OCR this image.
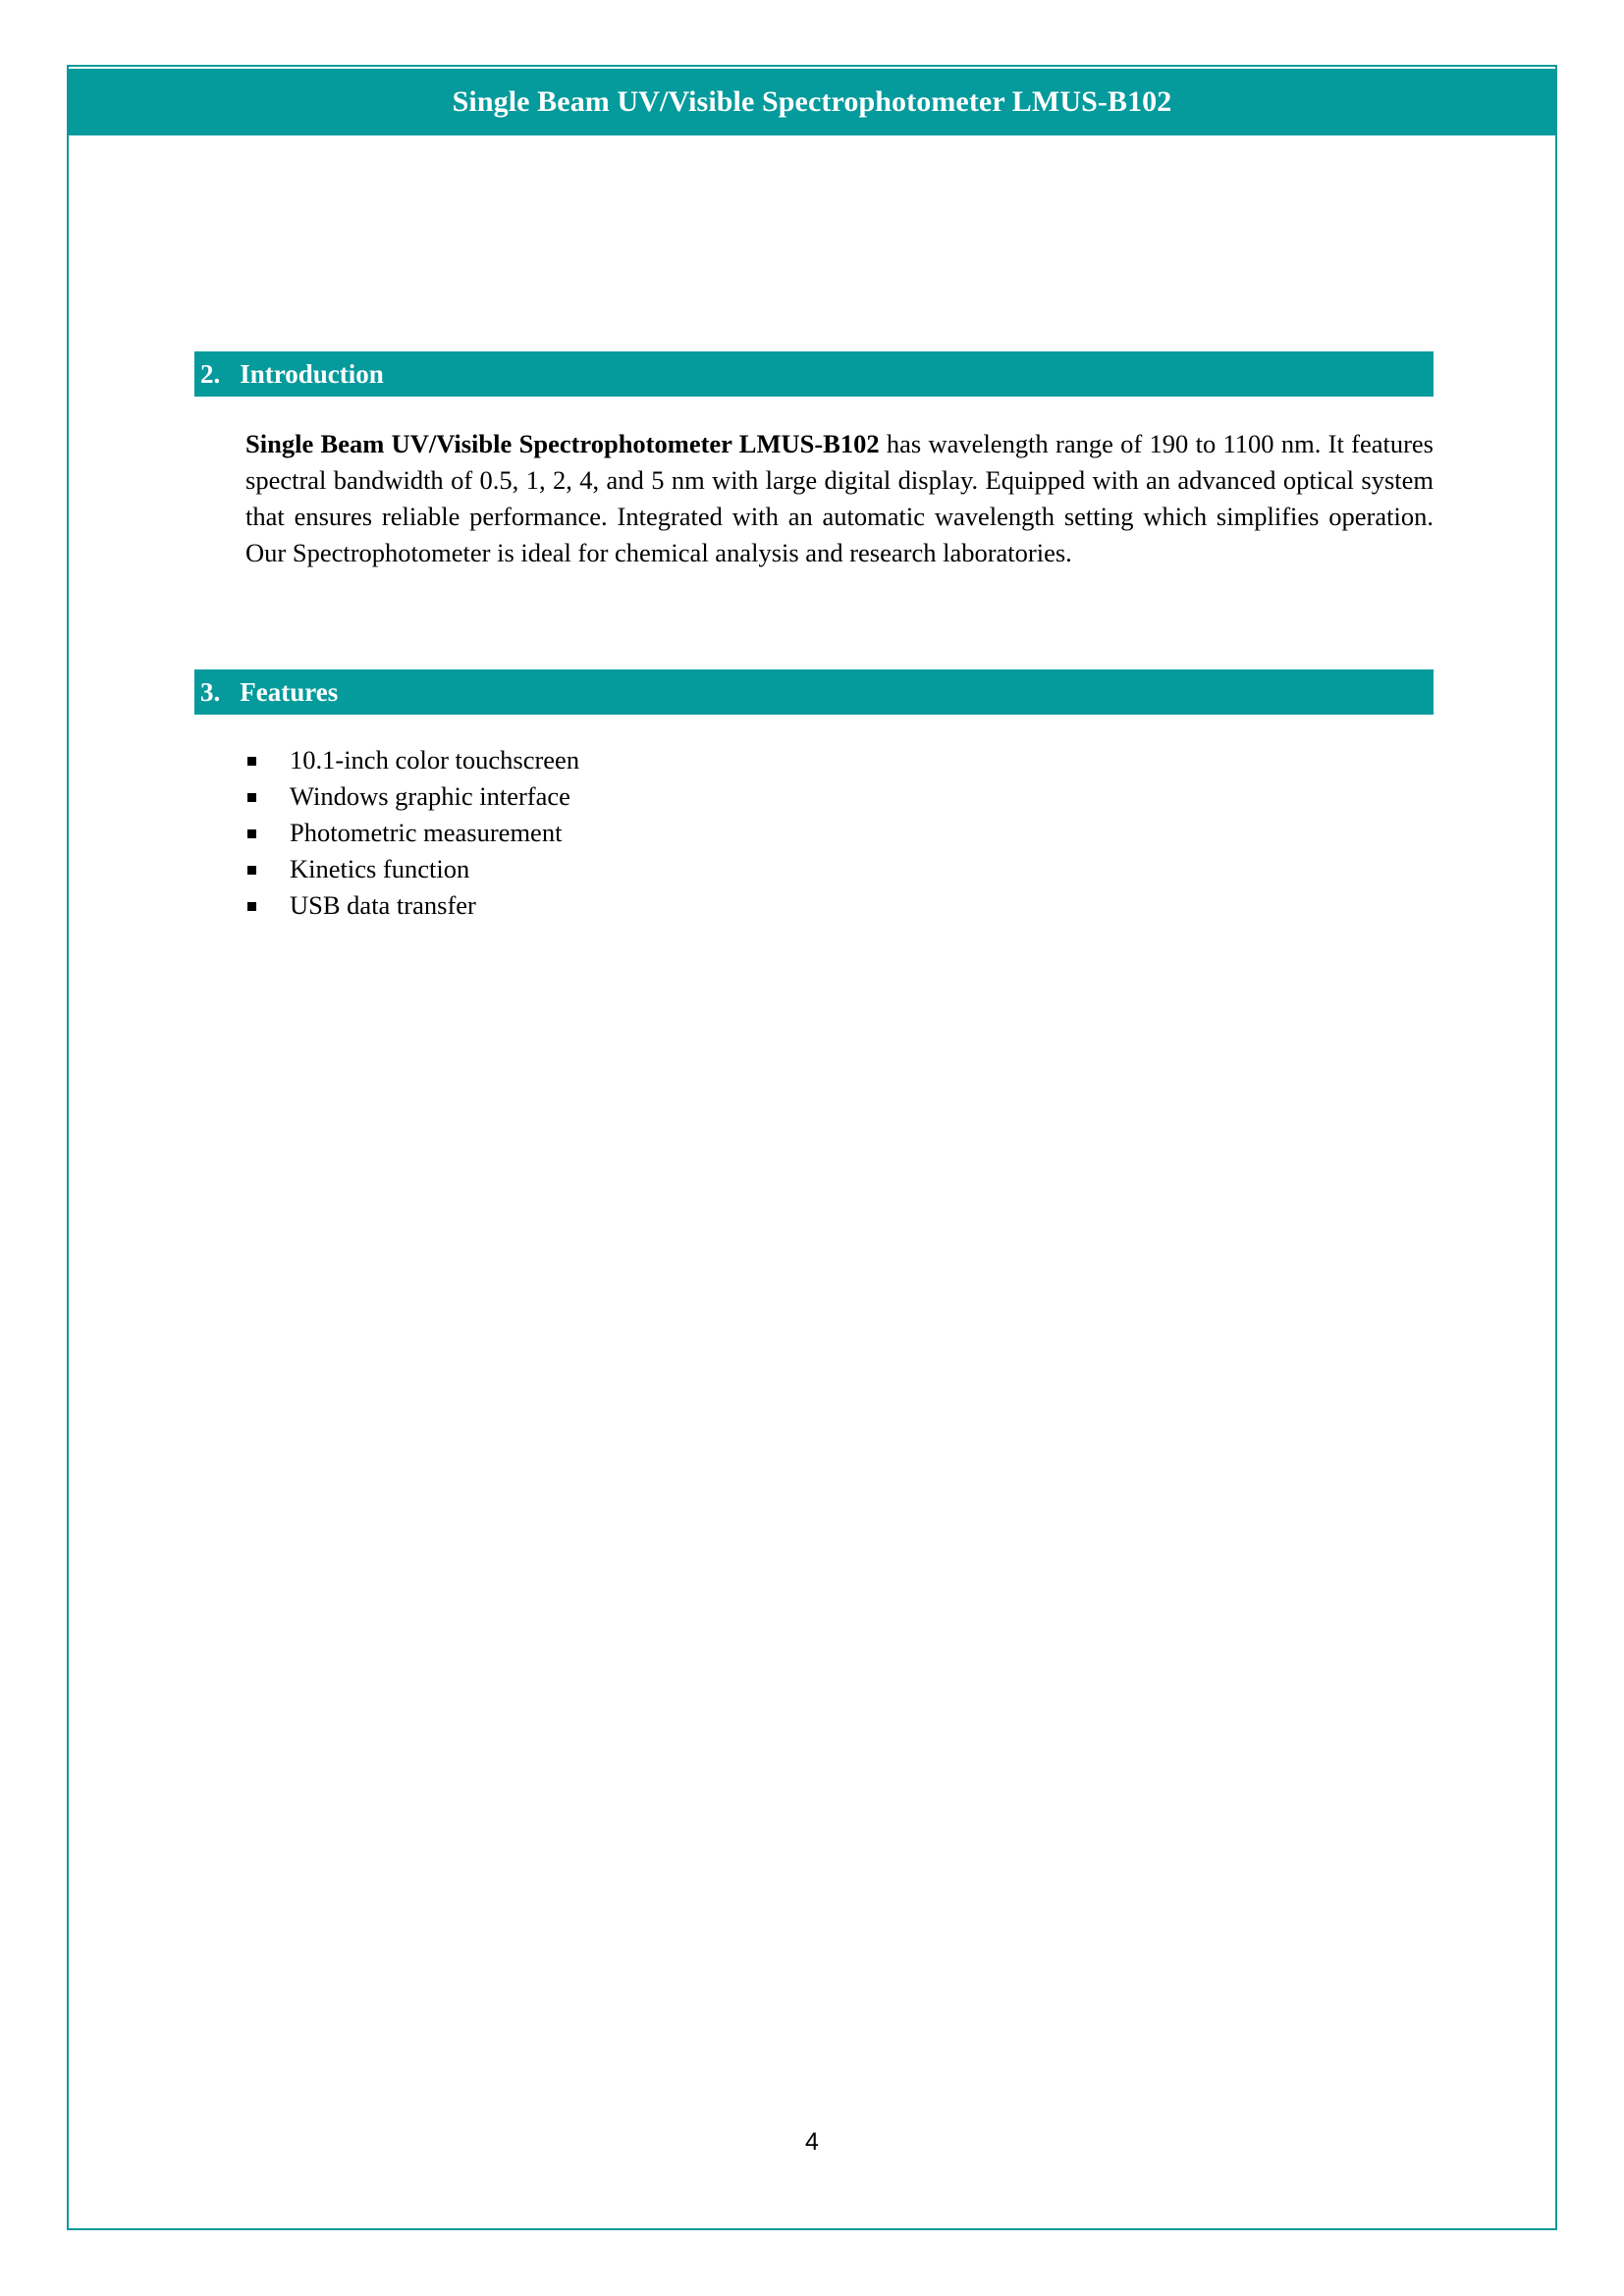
Single Beam UV/Visible Spectrophotometer LMUS-B102
2. Introduction

Single Beam UV/Visible Spectrophotometer LMUS-B102 has wavelength range of 190 to 1100 nm. It features spectral bandwidth of 0.5, 1, 2, 4, and 5 nm with large digital display. Equipped with an advanced optical system that ensures reliable performance. Integrated with an automatic wavelength setting which simplifies operation. Our Spectrophotometer is ideal for chemical analysis and research laboratories.

3. Features
10.1-inch color touchscreen
Windows graphic interface
Photometric measurement
Kinetics function
USB data transfer
4
